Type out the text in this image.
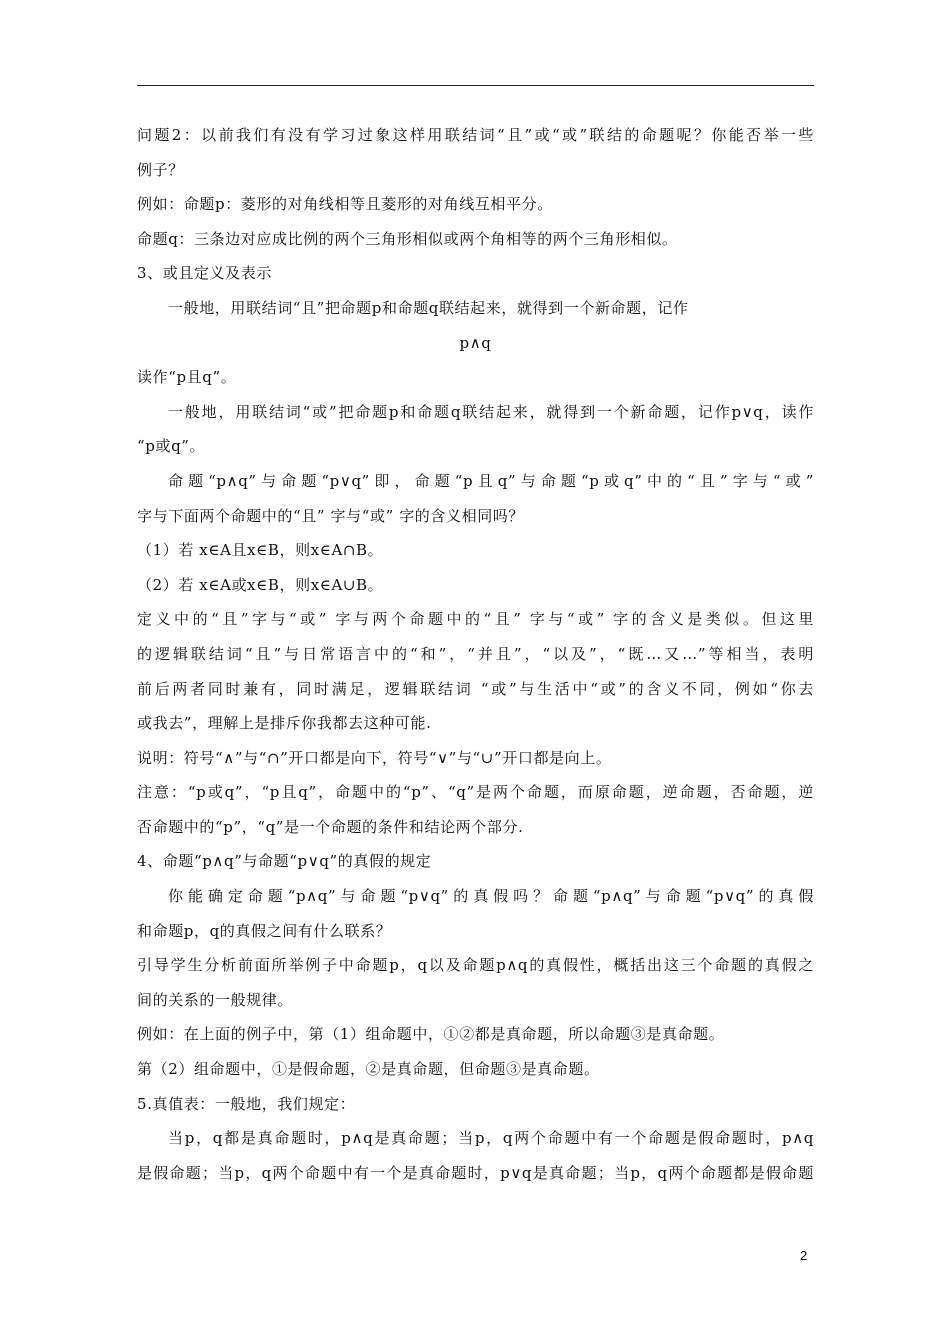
问题2：以前我们有没有学习过象这样用联结词“且”或“或”联结的命题呢？你能否举一些

例子？

例如：命题p：菱形的对角线相等且菱形的对角线互相平分。

命题q：三条边对应成比例的两个三角形相似或两个角相等的两个三角形相似。

3、或且定义及表示

一般地，用联结词“且”把命题p和命题q联结起来，就得到一个新命题，记作

p∧q

读作“p且q”。

一般地，用联结词“或”把命题p和命题q联结起来，就得到一个新命题，记作p∨q，读作

“p或q”。

命题“p∧q”与命题“p∨q”即，命题“p且q”与命题“p或q”中的“且”字与“或”

字与下面两个命题中的“且” 字与“或” 字的含义相同吗？

（1）若 x∈A且x∈B，则x∈A∩B。

（2）若 x∈A或x∈B，则x∈A∪B。

定义中的“且”字与“或” 字与两个命题中的“且” 字与“或” 字的含义是类似。但这里

的逻辑联结词“且”与日常语言中的“和”，“并且”，“以及”，“既…又…”等相当，表明

前后两者同时兼有，同时满足，逻辑联结词 “或”与生活中“或”的含义不同，例如“你去

或我去”，理解上是排斥你我都去这种可能.

说明：符号“∧”与“∩”开口都是向下，符号“∨”与“∪”开口都是向上。

注意：“p或q”，“p且q”，命题中的“p”、“q”是两个命题，而原命题，逆命题，否命题，逆

否命题中的“p”，“q”是一个命题的条件和结论两个部分.

4、命题“p∧q”与命题“p∨q”的真假的规定

你能确定命题“p∧q”与命题“p∨q”的真假吗？命题“p∧q”与命题“p∨q”的真假

和命题p，q的真假之间有什么联系？

引导学生分析前面所举例子中命题p，q以及命题p∧q的真假性，概括出这三个命题的真假之

间的关系的一般规律。

例如：在上面的例子中，第（1）组命题中，①②都是真命题，所以命题③是真命题。

第（2）组命题中，①是假命题，②是真命题，但命题③是真命题。

5.真值表：一般地，我们规定：

当p，q都是真命题时，p∧q是真命题；当p，q两个命题中有一个命题是假命题时，p∧q

是假命题；当p，q两个命题中有一个是真命题时，p∨q是真命题；当p，q两个命题都是假命题

2
